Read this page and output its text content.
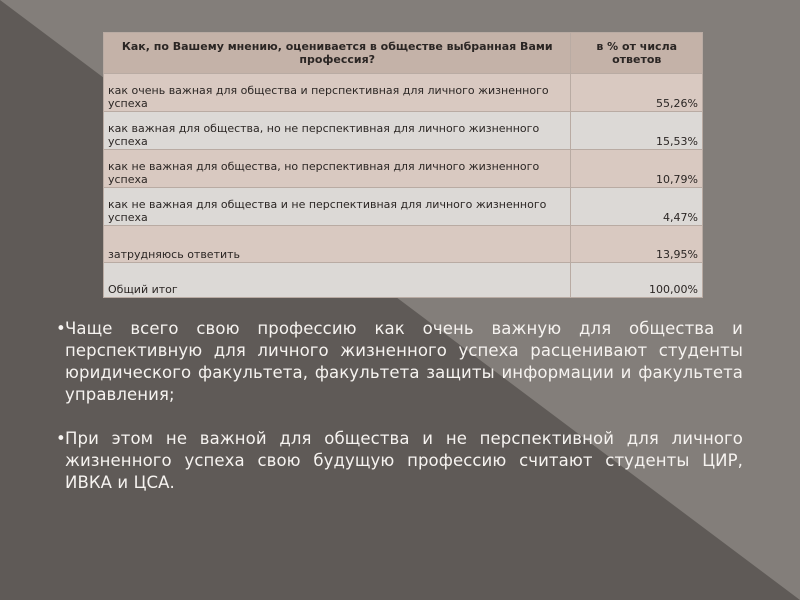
Как, по Вашему мнению, оценивается в обществе выбранная Вами профессия?	в % от числа ответов
как очень важная для общества и перспективная для личного жизненного успеха	55,26%
как важная для общества, но не перспективная для личного жизненного успеха	15,53%
как не важная для общества, но перспективная для личного жизненного успеха	10,79%
как не важная для общества и не перспективная для личного жизненного успеха	4,47%
затрудняюсь ответить	13,95%
Общий итог	100,00%

• Чаще всего свою профессию как очень важную для общества и перспективную для личного жизненного успеха расценивают студенты юридического факультета, факультета защиты информации и факультета управления;

• При этом не важной для общества и не перспективной для личного жизненного успеха свою будущую профессию считают студенты ЦИР, ИВКА и ЦСА.
